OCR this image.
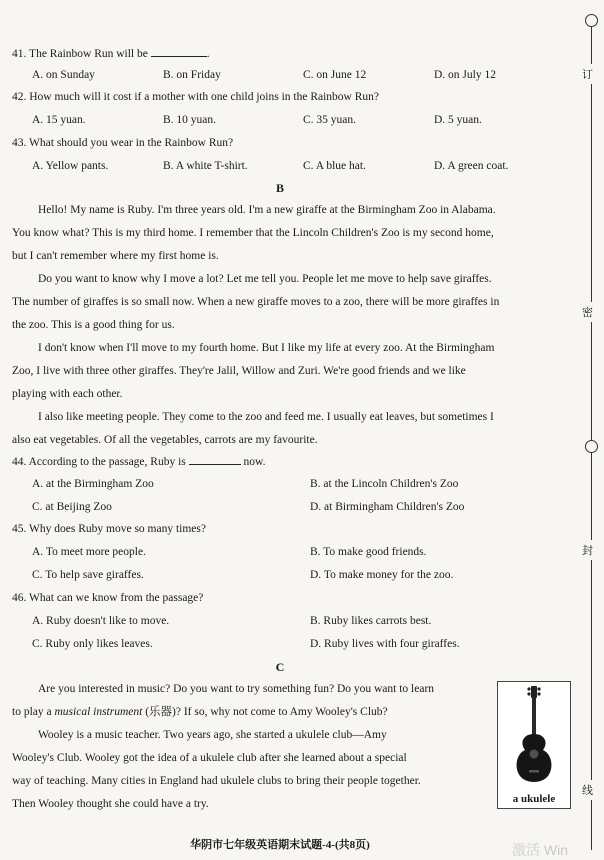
41. The Rainbow Run will be	.
A. on Sunday	B. on Friday	C. on June 12	D. on July 12
42. How much will it cost if a mother with one child joins in the Rainbow Run?
A. 15 yuan.	B. 10 yuan.	C. 35 yuan.	D. 5 yuan.
43. What should you wear in the Rainbow Run?
A. Yellow pants.	B. A white T-shirt.	C. A blue hat.	D. A green coat.
B
Hello! My name is Ruby. I'm three years old. I'm a new giraffe at the Birmingham Zoo in Alabama.
You know what? This is my third home. I remember that the Lincoln Children's Zoo is my second home,
but I can't remember where my first home is.
Do you want to know why I move a lot? Let me tell you. People let me move to help save giraffes.
The number of giraffes is so small now. When a new giraffe moves to a zoo, there will be more giraffes in
the zoo. This is a good thing for us.
I don't know when I'll move to my fourth home. But I like my life at every zoo. At the Birmingham
Zoo, I live with three other giraffes. They're Jalil, Willow and Zuri. We're good friends and we like
playing with each other.
I also like meeting people. They come to the zoo and feed me. I usually eat leaves, but sometimes I
also eat vegetables. Of all the vegetables, carrots are my favourite.
44. According to the passage, Ruby is	now.
A. at the Birmingham Zoo	B. at the Lincoln Children's Zoo
C. at Beijing Zoo	D. at Birmingham Children's Zoo
45. Why does Ruby move so many times?
A. To meet more people.	B. To make good friends.
C. To help save giraffes.	D. To make money for the zoo.
46. What can we know from the passage?
A. Ruby doesn't like to move.	B. Ruby likes carrots best.
C. Ruby only likes leaves.	D. Ruby lives with four giraffes.
C
Are you interested in music? Do you want to try something fun? Do you want to learn
to play a musical instrument (乐器)? If so, why not come to Amy Wooley's Club?
Wooley is a music teacher. Two years ago, she started a ukulele club—Amy
Wooley's Club. Wooley got the idea of a ukulele club after she learned about a special
way of teaching. Many cities in England had ukulele clubs to bring their people together.
Then Wooley thought she could have a try.	a ukulele
华阴市七年级英语期末试题-4-(共8页)
订
密
封
线
激活 Win
